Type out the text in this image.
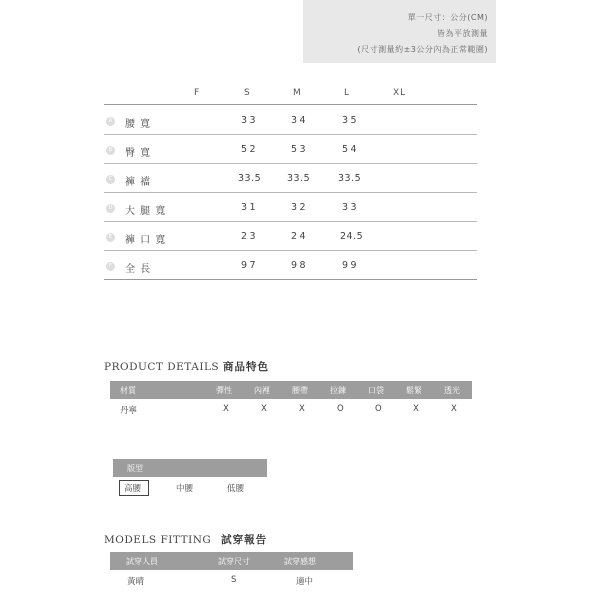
單一尺寸：公分(CM)
皆為平放測量
(尺寸測量約±3公分內為正常範圍)
F	S	M	L	XL
A 腰 寬	33	34	35
B 臀 寬	52	53	54
C 褲 襠	33.5	33.5	33.5
D 大 腿 寬	31	32	33
E 褲 口 寬	23	24	24.5
F	全 長	97	98	99
PRODUCT DETAILS 商品特色
材質	彈性	內裡	腰帶	拉鍊	口袋	鬆緊	透光
丹寧	X	X	X	O	O	X	X
版型
高腰	中腰	低腰
MODELS FITTING 試穿報告
試穿人員	試穿尺寸	試穿感想
黃晴	S	適中
